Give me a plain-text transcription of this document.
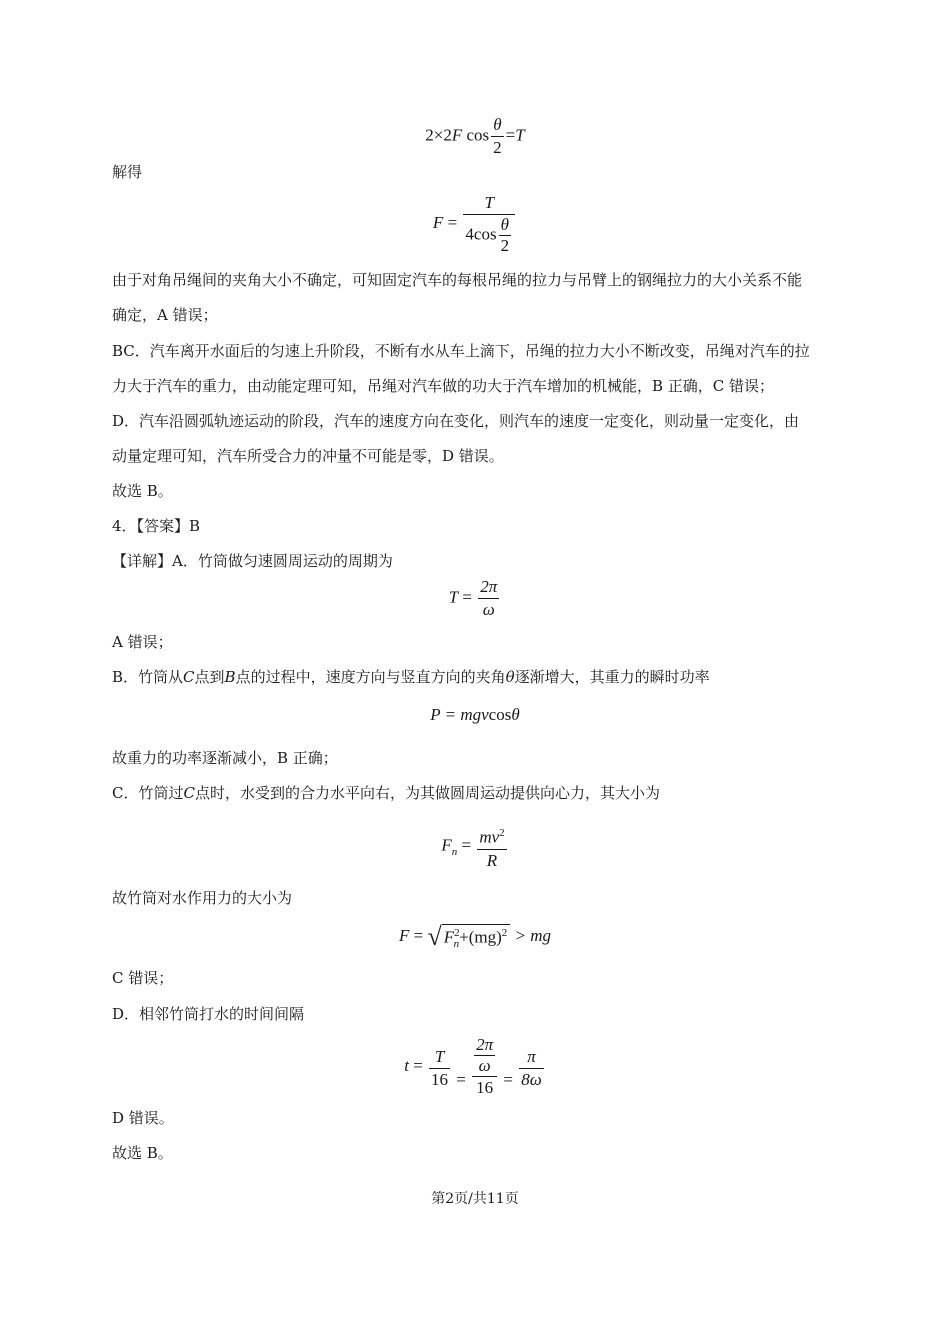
2×2F $\cos \frac{\theta}{2} =T$

解得

$F = \frac{T}{4\cos \frac{\theta}{2}}$

由于对角吊绳间的夹角大小不确定，可知固定汽车的每根吊绳的拉力与吊臂上的钢绳拉力的大小关系不能

确定，A 错误；

BC．汽车离开水面后的匀速上升阶段，不断有水从车上滴下，吊绳的拉力大小不断改变，吊绳对汽车的拉

力大于汽车的重力，由动能定理可知，吊绳对汽车做的功大于汽车增加的机械能，B 正确，C 错误；

D．汽车沿圆弧轨迹运动的阶段，汽车的速度方向在变化，则汽车的速度一定变化，则动量一定变化，由

动量定理可知，汽车所受合力的冲量不可能是零，D 错误。

故选 B。

4．【答案】B

【详解】A．竹筒做匀速圆周运动的周期为

$T = \frac{2\pi}{\omega}$

A 错误；

B．竹筒从C点到B点的过程中，速度方向与竖直方向的夹角θ逐渐增大，其重力的瞬时功率

P = mgvcosθ

故重力的功率逐渐减小，B 正确；

C．竹筒过C点时，水受到的合力水平向右，为其做圆周运动提供向心力，其大小为

$F_n = \frac{mv^2}{R}$

故竹筒对水作用力的大小为

F = √ $F^2_n+(mg)^2$ > mg

C 错误；

D．相邻竹筒打水的时间间隔

$t = \frac{T}{16} = \frac{\frac{2\pi}{\omega}}{16} = \frac{\pi}{8\omega}$

D 错误。

故选 B。

第2页/共11页
